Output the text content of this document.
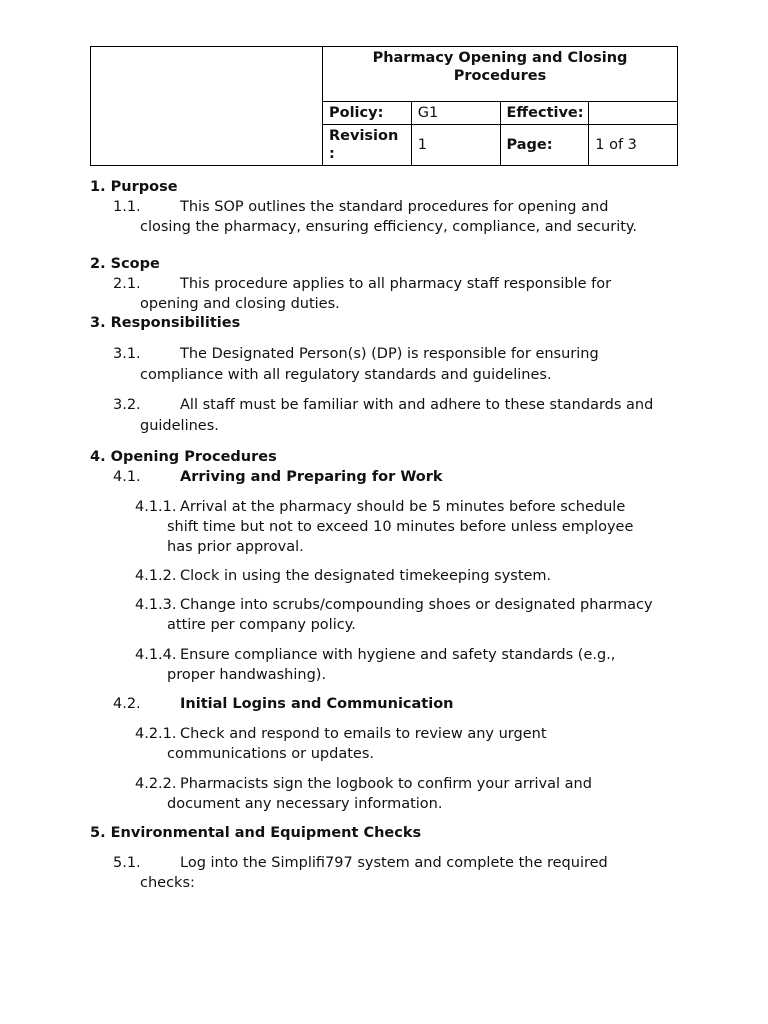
	Pharmacy Opening and Closing Procedures			
	Policy:	G1	Effective:	
	Revision :	1	Page:	1 of 3
1. Purpose
1.1.	This SOP outlines the standard procedures for opening and
closing the pharmacy, ensuring efficiency, compliance, and security.
2. Scope
2.1.	This procedure applies to all pharmacy staff responsible for
opening and closing duties.
3. Responsibilities
3.1.	The Designated Person(s) (DP) is responsible for ensuring
compliance with all regulatory standards and guidelines.
3.2.	All staff must be familiar with and adhere to these standards and
guidelines.
4. Opening Procedures
4.1.	Arriving and Preparing for Work
4.1.1. Arrival at the pharmacy should be 5 minutes before schedule
shift time but not to exceed 10 minutes before unless employee
has prior approval.
4.1.2. Clock in using the designated timekeeping system.
4.1.3. Change into scrubs/compounding shoes or designated pharmacy
attire per company policy.
4.1.4. Ensure compliance with hygiene and safety standards (e.g.,
proper handwashing).
4.2.	Initial Logins and Communication
4.2.1. Check and respond to emails to review any urgent
communications or updates.
4.2.2. Pharmacists sign the logbook to confirm your arrival and
document any necessary information.
5. Environmental and Equipment Checks
5.1.	Log into the Simplifi797 system and complete the required
checks:
